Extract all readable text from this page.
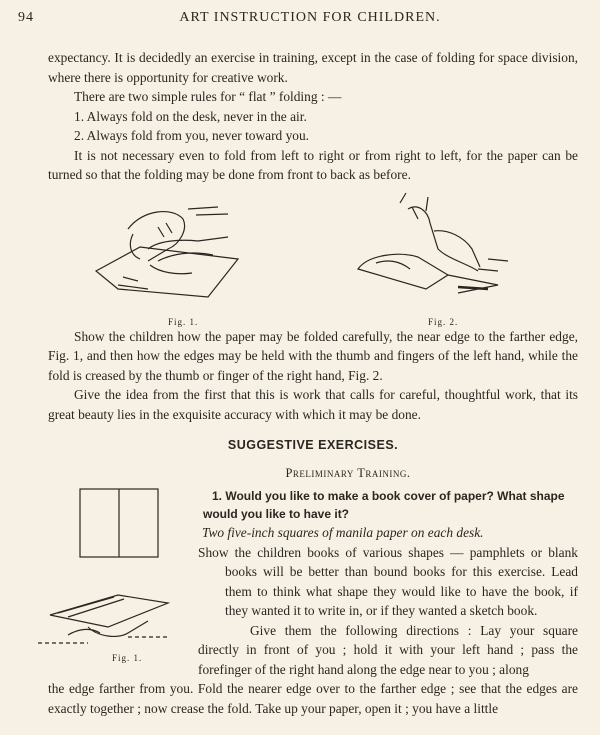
94	ART INSTRUCTION FOR CHILDREN.

expectancy. It is decidedly an exercise in training, except in the case of folding for space division, where there is opportunity for creative work.

There are two simple rules for “ flat ” folding : —

1. Always fold on the desk, never in the air.

2. Always fold from you, never toward you.

It is not necessary even to fold from left to right or from right to left, for the paper can be turned so that the folding may be done from front to back as before.

Fig. 1.	Fig. 2.

Show the children how the paper may be folded carefully, the near edge to the farther edge, Fig. 1, and then how the edges may be held with the thumb and fingers of the left hand, while the fold is creased by the thumb or finger of the right hand, Fig. 2.

Give the idea from the first that this is work that calls for careful, thoughtful work, that its great beauty lies in the exquisite accuracy with which it may be done.

SUGGESTIVE EXERCISES.
Preliminary Training.
Fig. 1.

1. Would you like to make a book cover of paper? What shape

would you like to have it?

Two five-inch squares of manila paper on each desk.

Show the children books of various shapes — pamphlets or blank books will be better than bound books for this exercise. Lead them to think what shape they would like to have the book, if they wanted it to write in, or if they wanted a sketch book.

Give them the following directions : Lay your square directly in front of you ; hold it with your left hand ; pass the forefinger of the right hand along the edge near to you ; along

the edge farther from you. Fold the nearer edge over to the farther edge ; see that the edges are exactly together ; now crease the fold. Take up your paper, open it ; you have a little
